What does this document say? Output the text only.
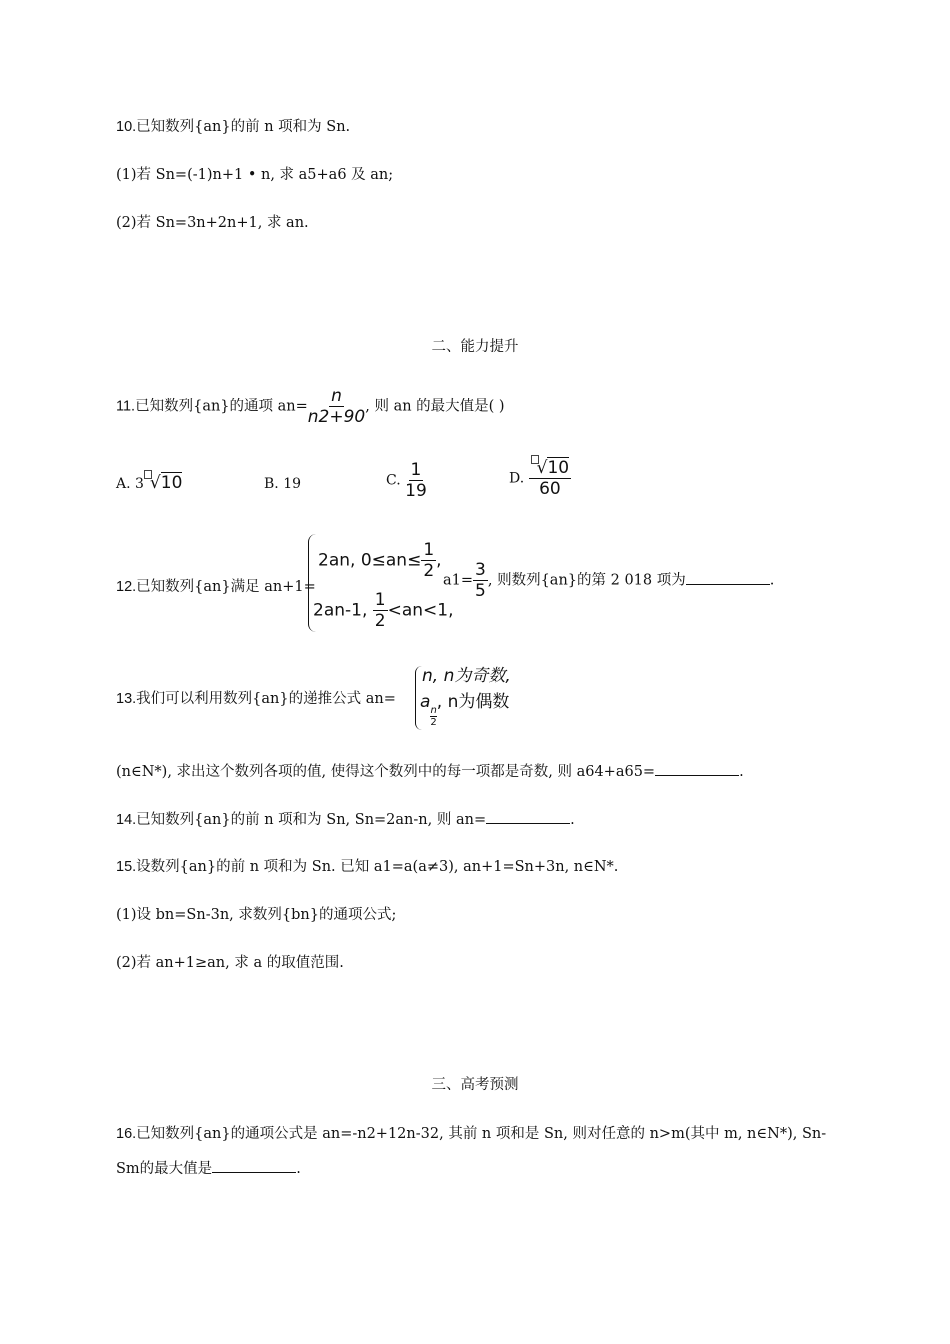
10.已知数列{an}的前 n 项和为 Sn.
(1)若 Sn=(-1)n+1 • n, 求 a5+a6 及 an;
(2)若 Sn=3n+2n+1, 求 an.
二、能力提升
11.已知数列{an}的通项 $an= \frac{n}{n2+90}$ , 则 an 的最大值是( )
A. 3 √10	B. 19	C. $\frac{1}{19}$	D. $\frac{√10}{60}$
12.已知数列{an}满足 an+1=
2an, $0\le an\le \frac{1}{2}$ ,
2an-1, $\frac{1}{2} <an<1$,
$a1= \frac{3}{5}$ , 则数列{an}的第 2 018 项为	.
13.我们可以利用数列{an}的递推公式 an=
n, n为奇数,
a
$\frac{n}{2}$
, n为偶数
(n∈N*), 求出这个数列各项的值, 使得这个数列中的每一项都是奇数, 则 a64+a65=	.
14.已知数列{an}的前 n 项和为 Sn, Sn=2an-n, 则 an=	.
15.设数列{an}的前 n 项和为 Sn. 已知 a1=a(a≠3), an+1=Sn+3n, n∈N*.
(1)设 bn=Sn-3n, 求数列{bn}的通项公式;
(2)若 an+1≥an, 求 a 的取值范围.
三、高考预测
16.已知数列{an}的通项公式是 an=-n2+12n-32, 其前 n 项和是 Sn, 则对任意的 n>m(其中 m, n∈N*), Sn-
Sm的最大值是	.
